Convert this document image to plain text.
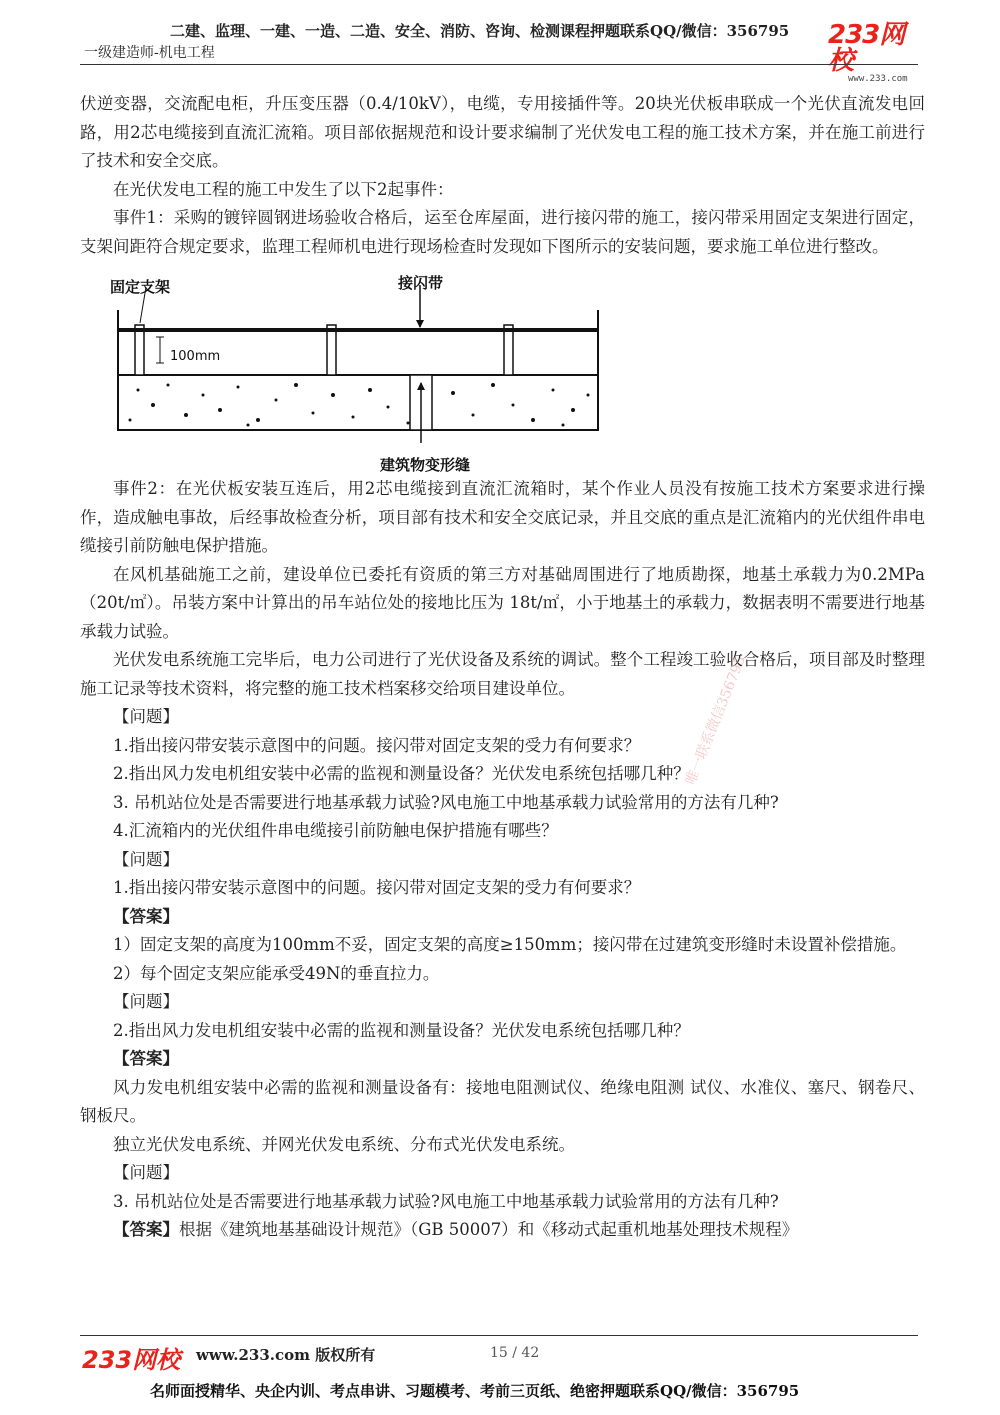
二建、监理、一建、一造、二造、安全、消防、咨询、检测课程押题联系QQ/微信：356795
一级建造师-机电工程
233网校
www.233.com

伏逆变器，交流配电柜，升压变压器（0.4/10kV），电缆，专用接插件等。20块光伏板串联成一个光伏直流发电回路，用2芯电缆接到直流汇流箱。项目部依据规范和设计要求编制了光伏发电工程的施工技术方案，并在施工前进行了技术和安全交底。

在光伏发电工程的施工中发生了以下2起事件：

事件1：采购的镀锌圆钢进场验收合格后，运至仓库屋面，进行接闪带的施工，接闪带采用固定支架进行固定，支架间距符合规定要求，监理工程师机电进行现场检查时发现如下图所示的安装问题，要求施工单位进行整改。

固定支架	接闪带
100mm
建筑物变形缝

事件2：在光伏板安装互连后，用2芯电缆接到直流汇流箱时，某个作业人员没有按施工技术方案要求进行操作，造成触电事故，后经事故检查分析，项目部有技术和安全交底记录，并且交底的重点是汇流箱内的光伏组件串电缆接引前防触电保护措施。

在风机基础施工之前，建设单位已委托有资质的第三方对基础周围进行了地质勘探，地基土承载力为0.2MPa（20t/㎡）。吊装方案中计算出的吊车站位处的接地比压为 18t/㎡，小于地基土的承载力，数据表明不需要进行地基承载力试验。

光伏发电系统施工完毕后，电力公司进行了光伏设备及系统的调试。整个工程竣工验收合格后，项目部及时整理施工记录等技术资料，将完整的施工技术档案移交给项目建设单位。

【问题】

1.指出接闪带安装示意图中的问题。接闪带对固定支架的受力有何要求？

2.指出风力发电机组安装中必需的监视和测量设备？光伏发电系统包括哪几种？

3. 吊机站位处是否需要进行地基承载力试验?风电施工中地基承载力试验常用的方法有几种?

4.汇流箱内的光伏组件串电缆接引前防触电保护措施有哪些？

【问题】

1.指出接闪带安装示意图中的问题。接闪带对固定支架的受力有何要求？

【答案】

1）固定支架的高度为100mm不妥，固定支架的高度≥150mm；接闪带在过建筑变形缝时未设置补偿措施。

2）每个固定支架应能承受49N的垂直拉力。

【问题】

2.指出风力发电机组安装中必需的监视和测量设备？光伏发电系统包括哪几种？

【答案】

风力发电机组安装中必需的监视和测量设备有：接地电阻测试仪、绝缘电阻测 试仪、水准仪、塞尺、钢卷尺、钢板尺。

独立光伏发电系统、并网光伏发电系统、分布式光伏发电系统。

【问题】

3. 吊机站位处是否需要进行地基承载力试验?风电施工中地基承载力试验常用的方法有几种?

【答案】根据《建筑地基基础设计规范》（GB 50007）和《移动式起重机地基处理技术规程》

唯一联系微信356795
233网校 www.233.com 版权所有	15 / 42
名师面授精华、央企内训、考点串讲、习题模考、考前三页纸、绝密押题联系QQ/微信：356795
